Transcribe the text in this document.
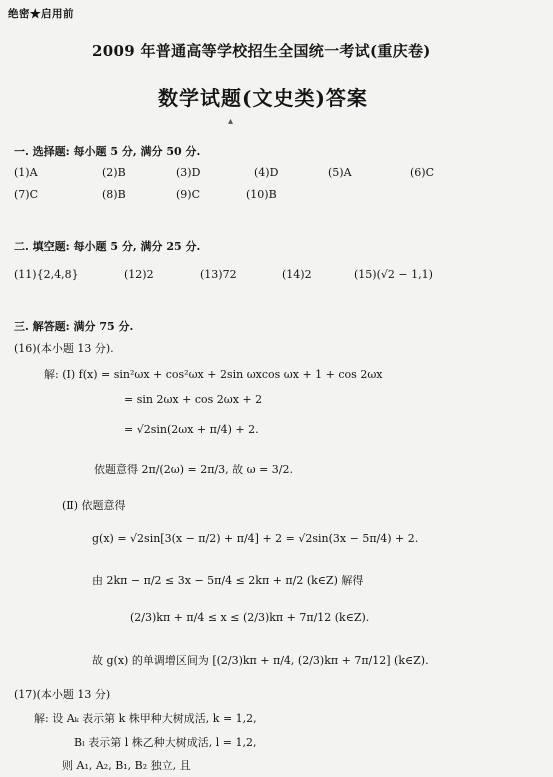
绝密★启用前
2009 年普通高等学校招生全国统一考试(重庆卷)
数学试题(文史类)答案
▴
一. 选择题: 每小题 5 分, 满分 50 分.
(1)A	(2)B	(3)D	(4)D	(5)A	(6)C
(7)C	(8)B	(9)C	(10)B
二. 填空题: 每小题 5 分, 满分 25 分.
(11){2,4,8}	(12)2	(13)72	(14)2	(15)(√2 − 1,1)
三. 解答题: 满分 75 分.
(16)(本小题 13 分).
解: (Ⅰ) f(x) = sin²ωx + cos²ωx + 2sin ωxcos ωx + 1 + cos 2ωx
= sin 2ωx + cos 2ωx + 2
= √2sin(2ωx + π/4) + 2.
依题意得 2π/(2ω) = 2π/3, 故 ω = 3/2.
(Ⅱ) 依题意得
g(x) = √2sin[3(x − π/2) + π/4] + 2 = √2sin(3x − 5π/4) + 2.
由 2kπ − π/2 ≤ 3x − 5π/4 ≤ 2kπ + π/2 (k∈Z) 解得
(2/3)kπ + π/4 ≤ x ≤ (2/3)kπ + 7π/12 (k∈Z).
故 g(x) 的单调增区间为 [(2/3)kπ + π/4, (2/3)kπ + 7π/12] (k∈Z).
(17)(本小题 13 分)
解: 设 Aₖ 表示第 k 株甲种大树成活, k = 1,2,
Bₗ 表示第 l 株乙种大树成活, l = 1,2,
则 A₁, A₂, B₁, B₂ 独立, 且
